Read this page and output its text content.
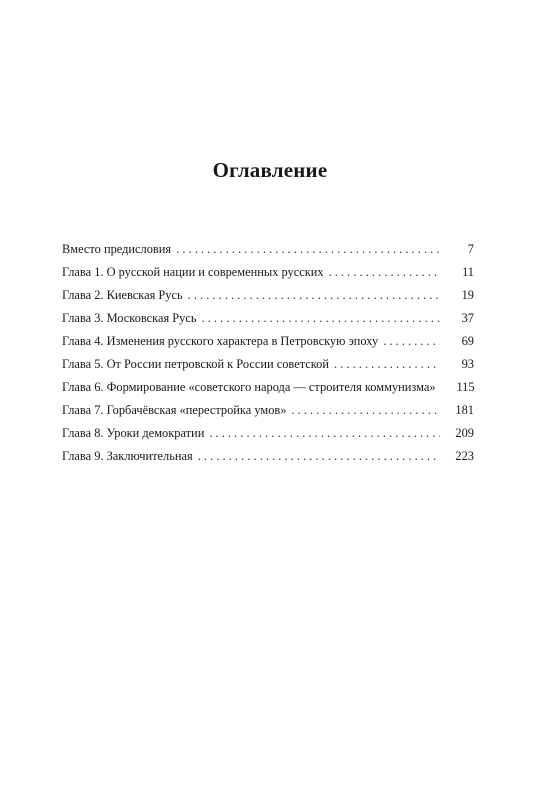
Оглавление
Вместо предисловия . . .	7
Глава 1. О русской нации и современных русских . . .	11
Глава 2. Киевская Русь . . .	19
Глава 3. Московская Русь . . .	37
Глава 4. Изменения русского характера в Петровскую эпоху . . .	69
Глава 5. От России петровской к России советской . . .	93
Глава 6. Формирование «советского народа — строителя коммунизма»	115
Глава 7. Горбачёвская «перестройка умов» . . .	181
Глава 8. Уроки демократии . . .	209
Глава 9. Заключительная . . .	223
